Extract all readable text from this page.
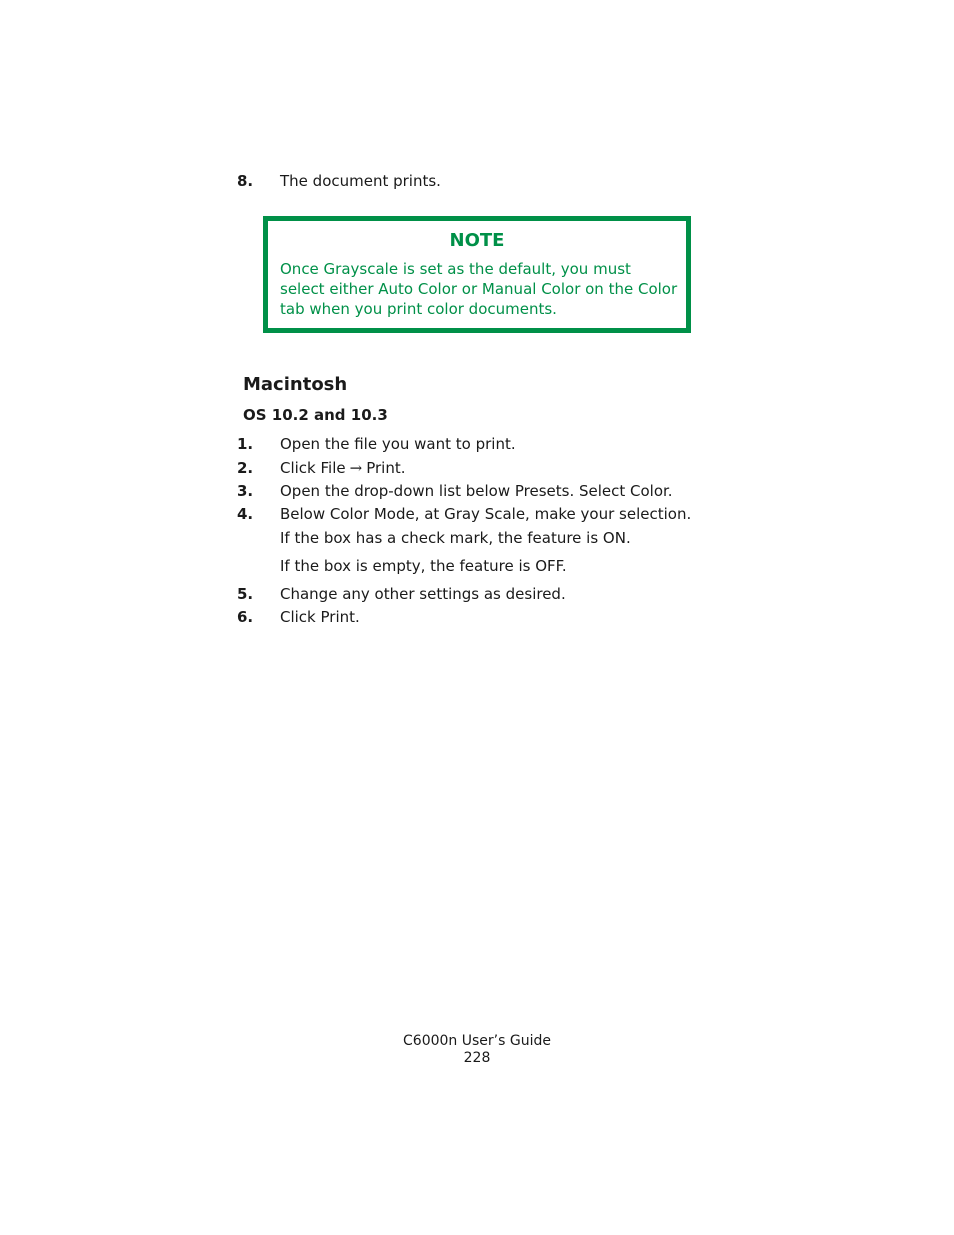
8. The document prints.
NOTE
Once Grayscale is set as the default, you must select either Auto Color or Manual Color on the Color tab when you print color documents.
Macintosh
OS 10.2 and 10.3
1. Open the file you want to print.
2. Click File → Print.
3. Open the drop-down list below Presets. Select Color.
4. Below Color Mode, at Gray Scale, make your selection.
If the box has a check mark, the feature is ON.
If the box is empty, the feature is OFF.
5. Change any other settings as desired.
6. Click Print.
C6000n User’s Guide
228
